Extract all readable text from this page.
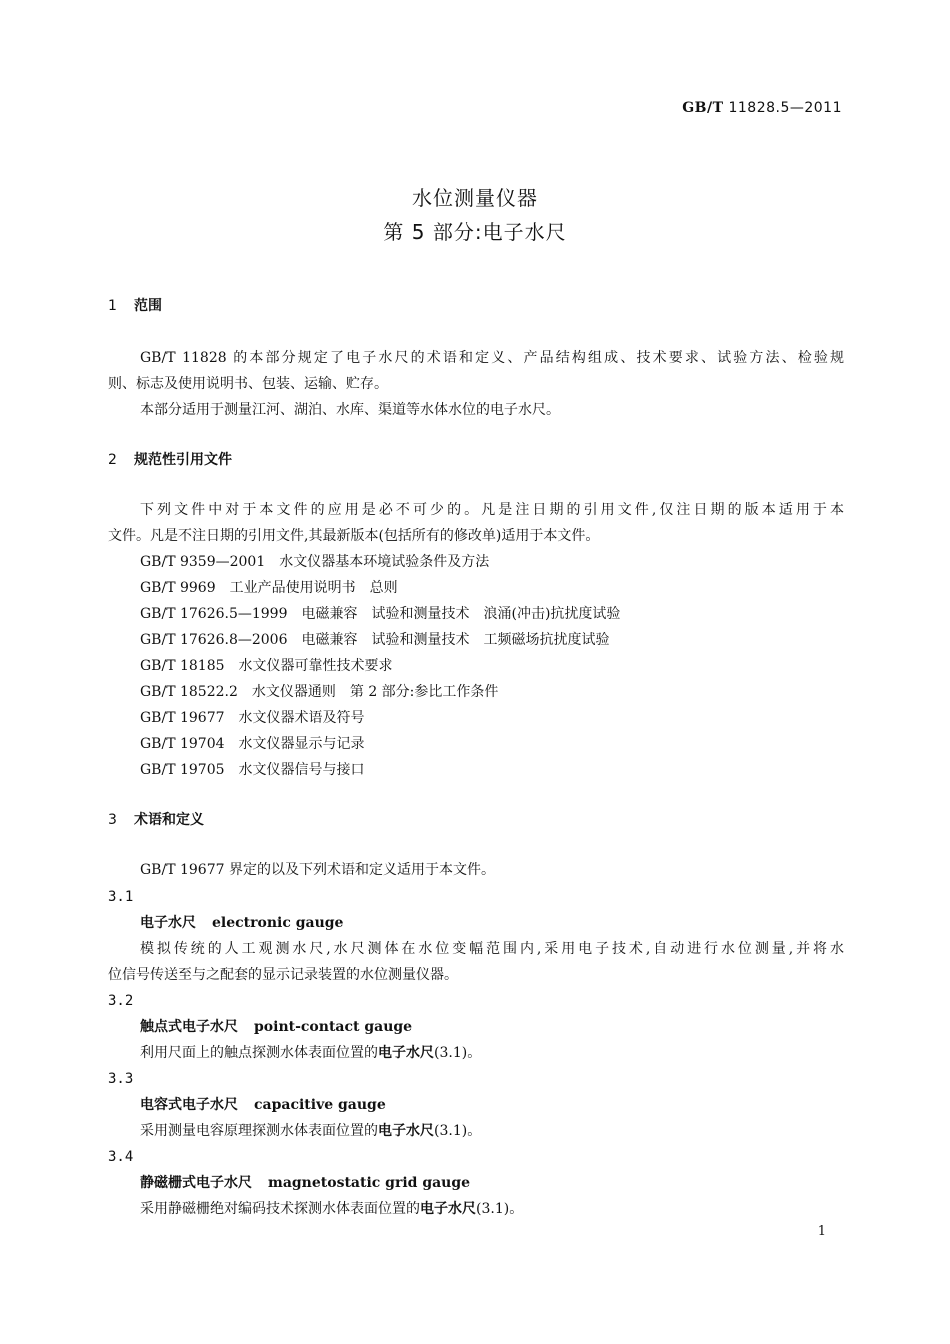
GB/T 11828.5—2011
水位测量仪器
第 5 部分:电子水尺
1 范围
GB/T 11828 的本部分规定了电子水尺的术语和定义、产品结构组成、技术要求、试验方法、检验规
则、标志及使用说明书、包装、运输、贮存。
本部分适用于测量江河、湖泊、水库、渠道等水体水位的电子水尺。
2 规范性引用文件
下列文件中对于本文件的应用是必不可少的。凡是注日期的引用文件,仅注日期的版本适用于本
文件。凡是不注日期的引用文件,其最新版本(包括所有的修改单)适用于本文件。
GB/T 9359—2001 水文仪器基本环境试验条件及方法
GB/T 9969 工业产品使用说明书　总则
GB/T 17626.5—1999 电磁兼容　试验和测量技术　浪涌(冲击)抗扰度试验
GB/T 17626.8—2006 电磁兼容　试验和测量技术　工频磁场抗扰度试验
GB/T 18185 水文仪器可靠性技术要求
GB/T 18522.2 水文仪器通则　第 2 部分:参比工作条件
GB/T 19677 水文仪器术语及符号
GB/T 19704 水文仪器显示与记录
GB/T 19705 水文仪器信号与接口
3 术语和定义
GB/T 19677 界定的以及下列术语和定义适用于本文件。
3.1
电子水尺 electronic gauge
模拟传统的人工观测水尺,水尺测体在水位变幅范围内,采用电子技术,自动进行水位测量,并将水
位信号传送至与之配套的显示记录装置的水位测量仪器。
3.2
触点式电子水尺 point-contact gauge
利用尺面上的触点探测水体表面位置的电子水尺(3.1)。
3.3
电容式电子水尺 capacitive gauge
采用测量电容原理探测水体表面位置的电子水尺(3.1)。
3.4
静磁栅式电子水尺 magnetostatic grid gauge
采用静磁栅绝对编码技术探测水体表面位置的电子水尺(3.1)。
1
